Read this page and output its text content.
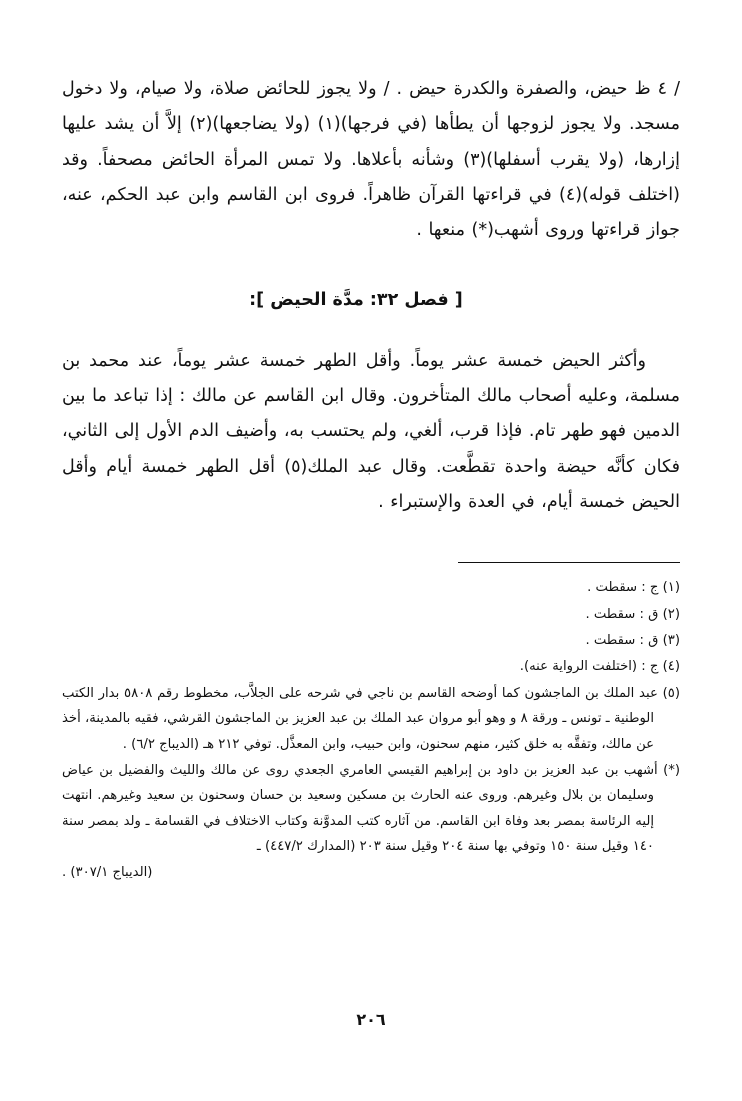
/ ٤ ظ حيض، والصفرة والكدرة حيض . / ولا يجوز للحائض صلاة، ولا صيام، ولا دخول مسجد. ولا يجوز لزوجها أن يطأها (في فرجها)(١) (ولا يضاجعها)(٢) إلاَّ أن يشد عليها إزارها، (ولا يقرب أسفلها)(٣) وشأنه بأعلاها. ولا تمس المرأة الحائض مصحفاً. وقد (اختلف قوله)(٤) في قراءتها القرآن ظاهراً. فروى ابن القاسم وابن عبد الحكم، عنه، جواز قراءتها وروى أشهب(*) منعها .

[ فصل ٣٢: مدَّة الحيض ]:

وأكثر الحيض خمسة عشر يوماً. وأقل الطهر خمسة عشر يوماً، عند محمد بن مسلمة، وعليه أصحاب مالك المتأخرون. وقال ابن القاسم عن مالك : إذا تباعد ما بين الدمين فهو طهر تام. فإذا قرب، ألغي، ولم يحتسب به، وأضيف الدم الأول إلى الثاني، فكان كأنَّه حيضة واحدة تقطَّعت. وقال عبد الملك(٥) أقل الطهر خمسة أيام وأقل الحيض خمسة أيام، في العدة والإستبراء .

(١) ج : سقطت .
(٢) ق : سقطت .
(٣) ق : سقطت .
(٤) ج : (اختلفت الرواية عنه).
(٥) عبد الملك بن الماجشون كما أوضحه القاسم بن ناجي في شرحه على الجلاَّب، مخطوط رقم ٥٨٠٨ بدار الكتب الوطنية ـ تونس ـ ورقة ٨ و وهو أبو مروان عبد الملك بن عبد العزيز بن الماجشون القرشي، فقيه بالمدينة، أخذ عن مالك، وتفقَّه به خلق كثير، منهم سحنون، وابن حبيب، وابن المعذَّل. توفي ٢١٢ هـ (الديباج ٦/٢) .
(*) أشهب بن عبد العزيز بن داود بن إبراهيم القيسي العامري الجعدي روى عن مالك والليث والفضيل بن عياض وسليمان بن بلال وغيرهم. وروى عنه الحارث بن مسكين وسعيد بن حسان وسحنون بن سعيد وغيرهم. انتهت إليه الرئاسة بمصر بعد وفاة ابن القاسم. من آثاره كتب المدوَّنة وكتاب الاختلاف في القسامة ـ ولد بمصر سنة ١٤٠ وقيل سنة ١٥٠ وتوفي بها سنة ٢٠٤ وقيل سنة ٢٠٣ (المدارك ٤٤٧/٢) ـ
(الديباج ٣٠٧/١) .
٢٠٦
